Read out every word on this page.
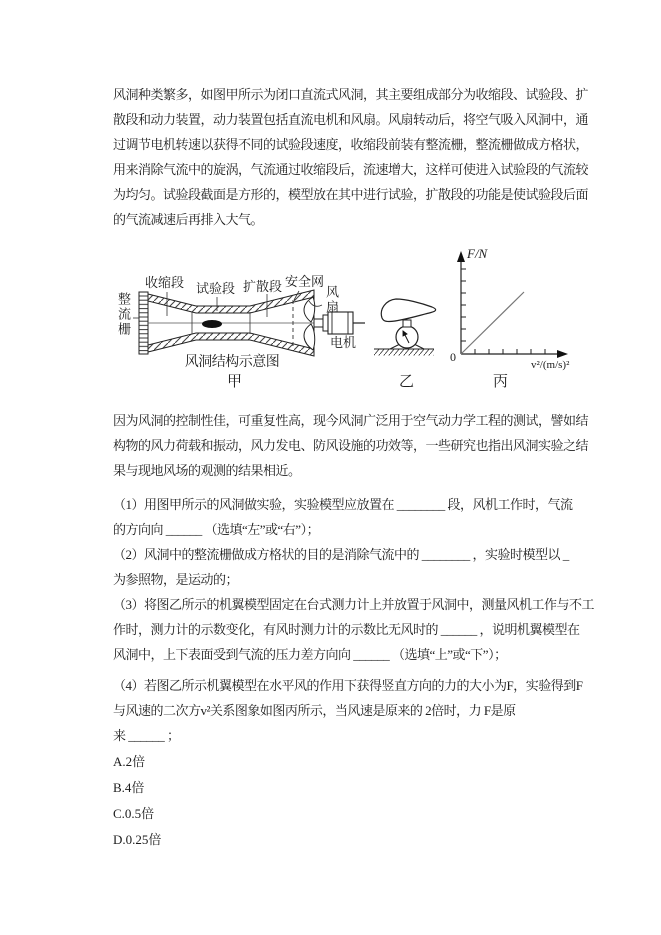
风洞种类繁多，如图甲所示为闭口直流式风洞，其主要组成部分为收缩段、试验段、扩
散段和动力装置，动力装置包括直流电机和风扇。风扇转动后，将空气吸入风洞中，通
过调节电机转速以获得不同的试验段速度，收缩段前装有整流栅，整流栅做成方格状，
用来消除气流中的旋涡，气流通过收缩段后，流速增大，这样可使进入试验段的气流较
为均匀。试验段截面是方形的，模型放在其中进行试验，扩散段的功能是使试验段后面
的气流减速后再排入大气。
整流栅
收缩段 试验段 扩散段 安全网
风扇
电机
风洞结构示意图
甲	乙	丙
F/N
0
v²/(m/s)²
因为风洞的控制性佳，可重复性高，现今风洞广泛用于空气动力学工程的测试，譬如结
构物的风力荷载和振动，风力发电、防风设施的功效等，一些研究也指出风洞实验之结
果与现地风场的观测的结果相近。
（1）用图甲所示的风洞做实验，实验模型应放置在 ________ 段，风机工作时，气流
的方向向 ______ （选填“左”或“右”）；
（2）风洞中的整流栅做成方格状的目的是消除气流中的 ________ ，实验时模型以 _
为参照物，是运动的；
（3）将图乙所示的机翼模型固定在台式测力计上并放置于风洞中，测量风机工作与不工
作时，测力计的示数变化，有风时测力计的示数比无风时的 ______ ，说明机翼模型在
风洞中，上下表面受到气流的压力差方向向 ______ （选填“上”或“下”）；
（4）若图乙所示机翼模型在水平风的作用下获得竖直方向的力的大小为F，实验得到F
与风速的二次方v²关系图象如图丙所示，当风速是原来的 2倍时，力 F是原
来 ______ ；
A.2倍
B.4倍
C.0.5倍
D.0.25倍
